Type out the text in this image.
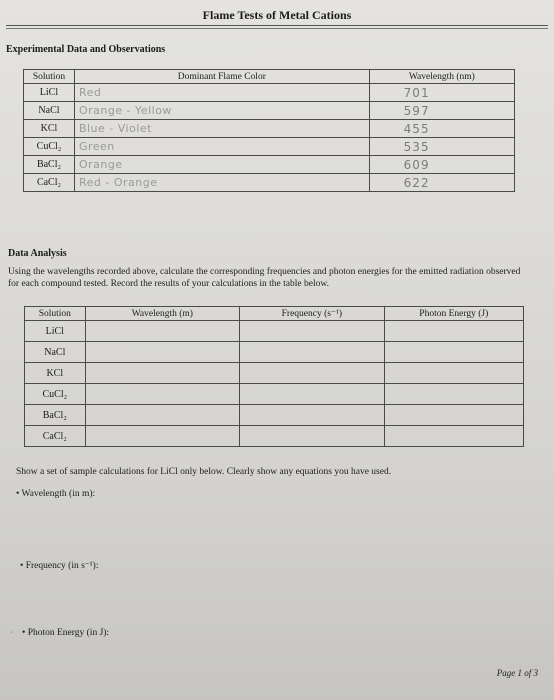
Flame Tests of Metal Cations
Experimental Data and Observations
Solution	Dominant Flame Color	Wavelength (nm)
LiCl	Red	701
NaCl	Orange - Yellow	597
KCl	Blue - Violet	455
CuCl₂	Green	535
BaCl₂	Orange	609
CaCl₂	Red - Orange	622
Data Analysis
Using the wavelengths recorded above, calculate the corresponding frequencies and photon energies for the emitted radiation observed for each compound tested. Record the results of your calculations in the table below.
Solution	Wavelength (m)	Frequency (s⁻¹)	Photon Energy (J)
LiCl			
NaCl			
KCl			
CuCl₂			
BaCl₂			
CaCl₂			
Show a set of sample calculations for LiCl only below. Clearly show any equations you have used.
• Wavelength (in m):
• Frequency (in s⁻¹):
‧ • Photon Energy (in J):
Page 1 of 3
